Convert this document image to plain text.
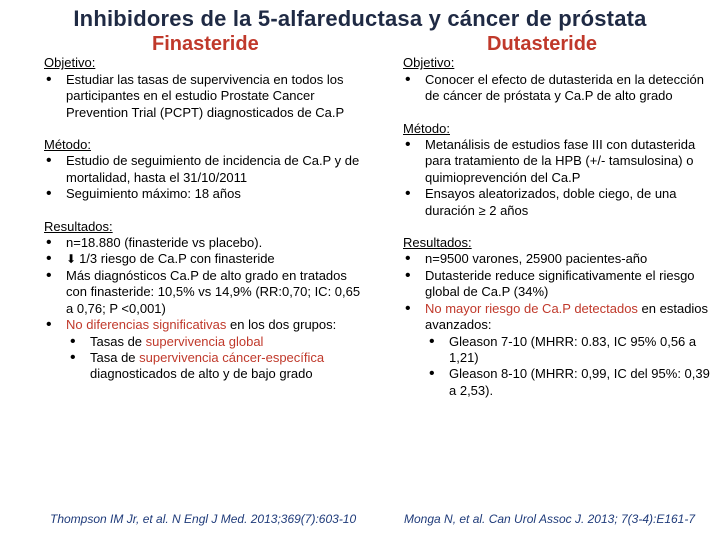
Inhibidores de la 5-alfareductasa y cáncer de próstata
Finasteride
Objetivo:
• Estudiar las tasas de supervivencia en todos los participantes en el estudio Prostate Cancer Prevention Trial (PCPT) diagnosticados de Ca.P
Método:
• Estudio de seguimiento de incidencia de Ca.P y de mortalidad, hasta el 31/10/2011
• Seguimiento máximo: 18 años
Resultados:
• n=18.880 (finasteride vs placebo).
• ⬇ 1/3 riesgo de Ca.P con finasteride
• Más diagnósticos Ca.P de alto grado en tratados con finasteride: 10,5% vs 14,9% (RR:0,70; IC: 0,65 a 0,76; P <0,001)
• No diferencias significativas en los dos grupos:
• Tasas de supervivencia global
• Tasa de supervivencia cáncer-específica diagnosticados de alto y de bajo grado
Dutasteride
Objetivo:
• Conocer el efecto de dutasterida en la detección de cáncer de próstata y Ca.P de alto grado
Método:
• Metanálisis de estudios fase III con dutasterida para tratamiento de la HPB (+/- tamsulosina) o quimioprevención del Ca.P
• Ensayos aleatorizados, doble ciego, de una duración ≥ 2 años
Resultados:
• n=9500 varones, 25900 pacientes-año
• Dutasteride reduce significativamente el riesgo global de Ca.P (34%)
• No mayor riesgo de Ca.P detectados en estadios avanzados:
• Gleason 7-10 (MHRR: 0.83, IC 95% 0,56 a 1,21)
• Gleason 8-10 (MHRR: 0,99, IC del 95%: 0,39 a 2,53).
Thompson IM Jr, et al. N Engl J Med. 2013;369(7):603-10	Monga N, et al. Can Urol Assoc J. 2013; 7(3-4):E161-7
